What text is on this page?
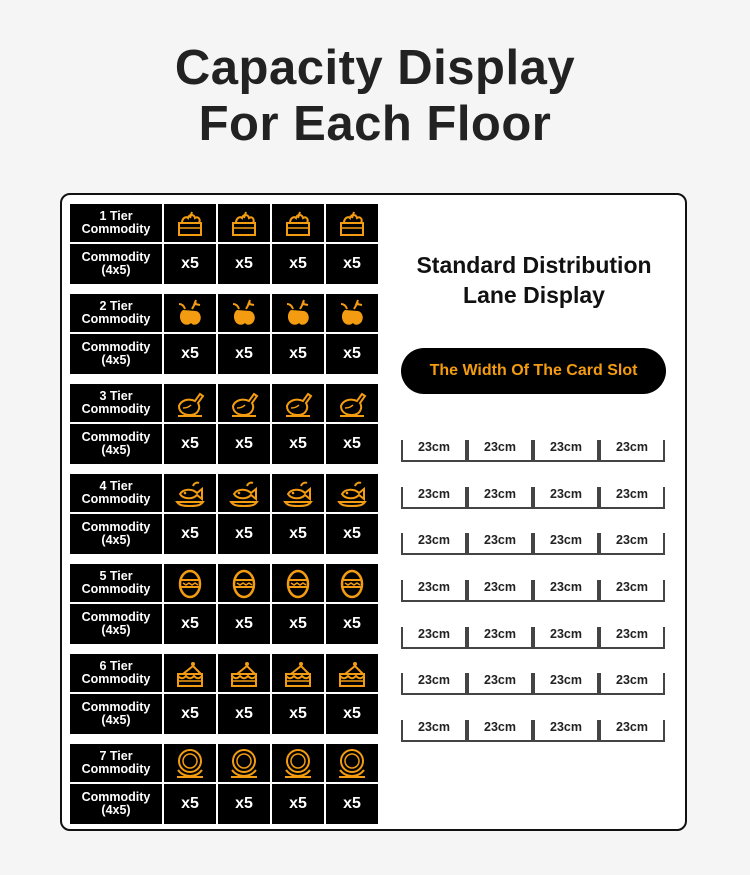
Capacity Display
For Each Floor
1 Tier
Commodity
Commodity
(4x5)	x5	x5	x5	x5
2 Tier
Commodity
Commodity
(4x5)	x5	x5	x5	x5
3 Tier
Commodity
Commodity
(4x5)	x5	x5	x5	x5
4 Tier
Commodity
Commodity
(4x5)	x5	x5	x5	x5
5 Tier
Commodity
Commodity
(4x5)	x5	x5	x5	x5
6 Tier
Commodity
Commodity
(4x5)	x5	x5	x5	x5
7 Tier
Commodity
Commodity
(4x5)	x5	x5	x5	x5
Standard Distribution
Lane Display
The Width Of The Card Slot
23cm	23cm	23cm	23cm
23cm	23cm	23cm	23cm
23cm	23cm	23cm	23cm
23cm	23cm	23cm	23cm
23cm	23cm	23cm	23cm
23cm	23cm	23cm	23cm
23cm	23cm	23cm	23cm
